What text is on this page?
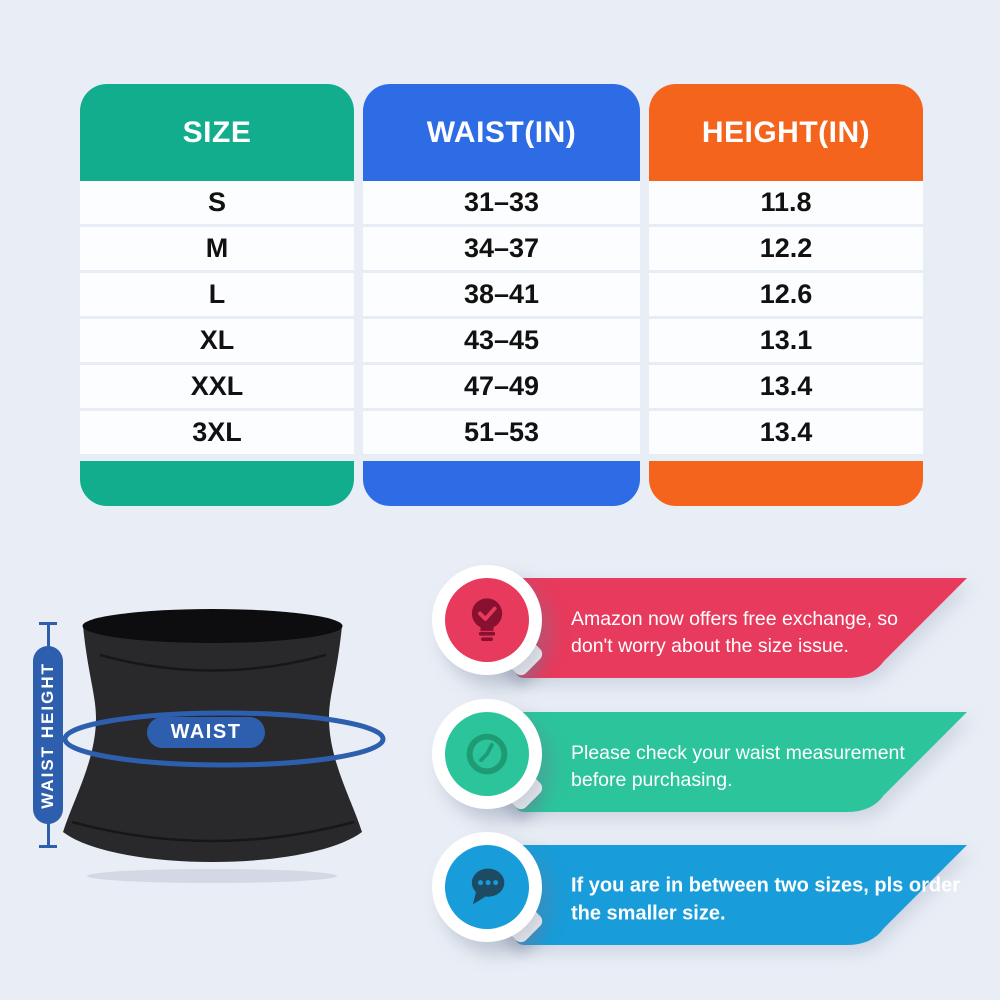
SIZE
S
M
L
XL
XXL
3XL
WAIST(IN)
31–33
34–37
38–41
43–45
47–49
51–53
HEIGHT(IN)
11.8
12.2
12.6
13.1
13.4
13.4
WAIST
WAIST HEIGHT
Amazon now offers free exchange, so don't worry about the size issue.
Please check your waist measurement before purchasing.
If you are in between two sizes, pls order the smaller size.
